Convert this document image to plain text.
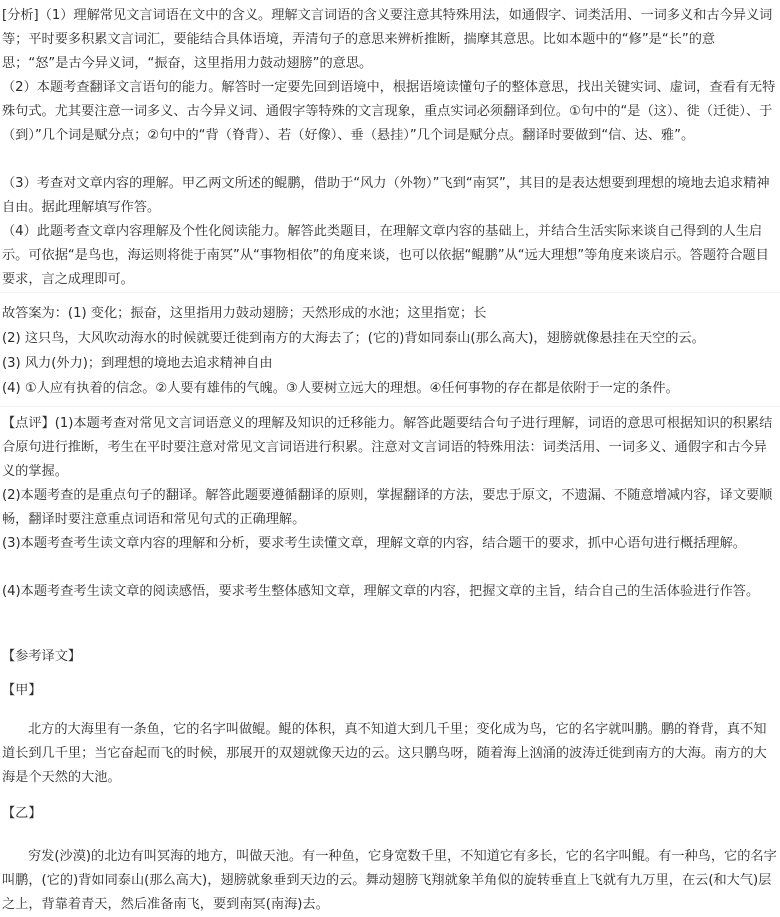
[分析]（1）理解常见文言词语在文中的含义。理解文言词语的含义要注意其特殊用法，如通假字、词类活用、一词多义和古今异义词等；平时要多积累文言词汇，要能结合具体语境，弄清句子的意思来辨析推断，揣摩其意思。比如本题中的“修”是“长”的意思；“怒”是古今异义词，“振奋，这里指用力鼓动翅膀”的意思。

（2）本题考查翻译文言语句的能力。解答时一定要先回到语境中，根据语境读懂句子的整体意思，找出关键实词、虚词，查看有无特殊句式。尤其要注意一词多义、古今异义词、通假字等特殊的文言现象，重点实词必须翻译到位。①句中的“是（这）、徙（迁徙）、于（到）”几个词是赋分点；②句中的“背（脊背）、若（好像）、垂（悬挂）”几个词是赋分点。翻译时要做到“信、达、雅”。

（3）考查对文章内容的理解。甲乙两文所述的鲲鹏，借助于“风力（外物）”飞到“南冥”，其目的是表达想要到理想的境地去追求精神自由。据此理解填写作答。

（4）此题考查文章内容理解及个性化阅读能力。解答此类题目，在理解文章内容的基础上，并结合生活实际来谈自己得到的人生启示。可依据“是鸟也，海运则将徙于南冥”从“事物相依”的角度来谈，也可以依据“鲲鹏”从“远大理想”等角度来谈启示。答题符合题目要求，言之成理即可。

故答案为：(1) 变化；振奋，这里指用力鼓动翅膀；天然形成的水池；这里指宽；长

(2) 这只鸟，大风吹动海水的时候就要迁徙到南方的大海去了；(它的)背如同泰山(那么高大)，翅膀就像悬挂在天空的云。

(3) 风力(外力)；到理想的境地去追求精神自由

(4) ①人应有执着的信念。②人要有雄伟的气魄。③人要树立远大的理想。④任何事物的存在都是依附于一定的条件。

【点评】(1)本题考查对常见文言词语意义的理解及知识的迁移能力。解答此题要结合句子进行理解，词语的意思可根据知识的积累结合原句进行推断，考生在平时要注意对常见文言词语进行积累。注意对文言词语的特殊用法：词类活用、一词多义、通假字和古今异义的掌握。

(2)本题考查的是重点句子的翻译。解答此题要遵循翻译的原则，掌握翻译的方法，要忠于原文，不遗漏、不随意增减内容，译文要顺畅，翻译时要注意重点词语和常见句式的正确理解。

(3)本题考查考生读文章内容的理解和分析，要求考生读懂文章，理解文章的内容，结合题干的要求，抓中心语句进行概括理解。

(4)本题考查考生读文章的阅读感悟，要求考生整体感知文章，理解文章的内容，把握文章的主旨，结合自己的生活体验进行作答。

【参考译文】

【甲】

北方的大海里有一条鱼，它的名字叫做鲲。鲲的体积，真不知道大到几千里；变化成为鸟，它的名字就叫鹏。鹏的脊背，真不知道长到几千里；当它奋起而飞的时候，那展开的双翅就像天边的云。这只鹏鸟呀，随着海上汹涌的波涛迁徙到南方的大海。南方的大海是个天然的大池。

【乙】

穷发(沙漠)的北边有叫冥海的地方，叫做天池。有一种鱼，它身宽数千里，不知道它有多长，它的名字叫鲲。有一种鸟，它的名字叫鹏，(它的)背如同泰山(那么高大)，翅膀就象垂到天边的云。舞动翅膀飞翔就象羊角似的旋转垂直上飞就有九万里，在云(和大气)层之上，背靠着青天，然后准备南飞，要到南冥(南海)去。
